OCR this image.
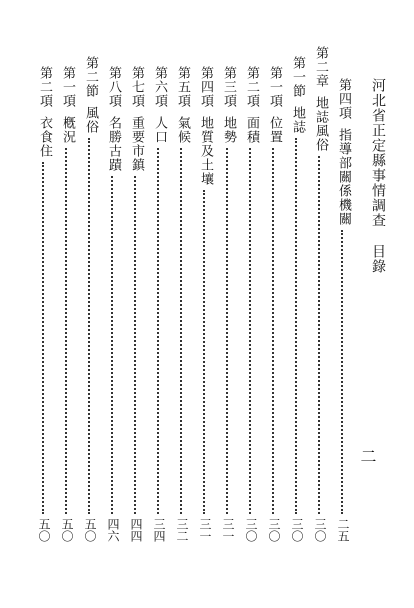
河北省正定縣事情調查目錄
第四項
指導部關係機關
二五
第二章
地誌風俗
三〇
第一節
地誌
三〇
第一項
位置
三〇
第二項
面積
三〇
第三項
地勢
三一
第四項
地質及土壤
三一
第五項
氣候
三二
第六項
人口
三四
第七項
重要市鎮
四四
第八項
名勝古蹟
四六
第二節
風俗
五〇
第一項
槪況
五〇
第二項
衣食住
五〇
二
